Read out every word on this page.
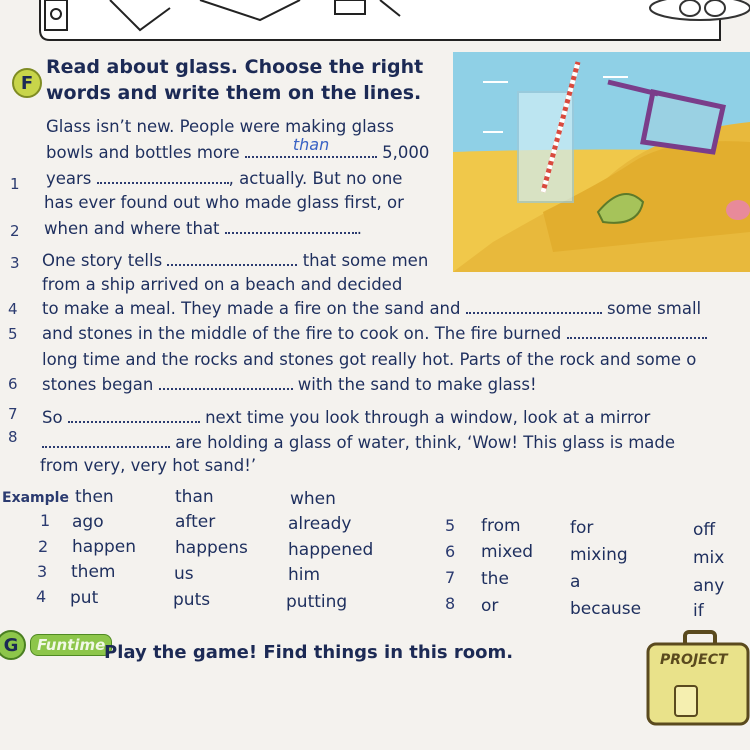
F
Read about glass. Choose the right
words and write them on the lines.
1
2
3
4
5
6
7
8
Glass isn’t new. People were making glass
bowls and bottles more	than	5,000
years	, actually. But no one
has ever found out who made glass first, or
when and where that	.
One story tells	that some men
from a ship arrived on a beach and decided
to make a meal. They made a fire on the sand and	some small
and stones in the middle of the fire to cook on. The fire burned
long time and the rocks and stones got really hot. Parts of the rock and some o
stones began	with the sand to make glass!
So	next time you look through a window, look at a mirror
are holding a glass of water, think, ‘Wow! This glass is made
from very, very hot sand!’
Example then	than	when
1 ago	after	already
2 happen happens happened
3 them	us	him
4 put	puts	putting
5 from	for	off
6 mixed mixing	mix
7 the	a	any
8 or	because	if
G	Funtime
Play the game! Find things in this room.	PROJECT
